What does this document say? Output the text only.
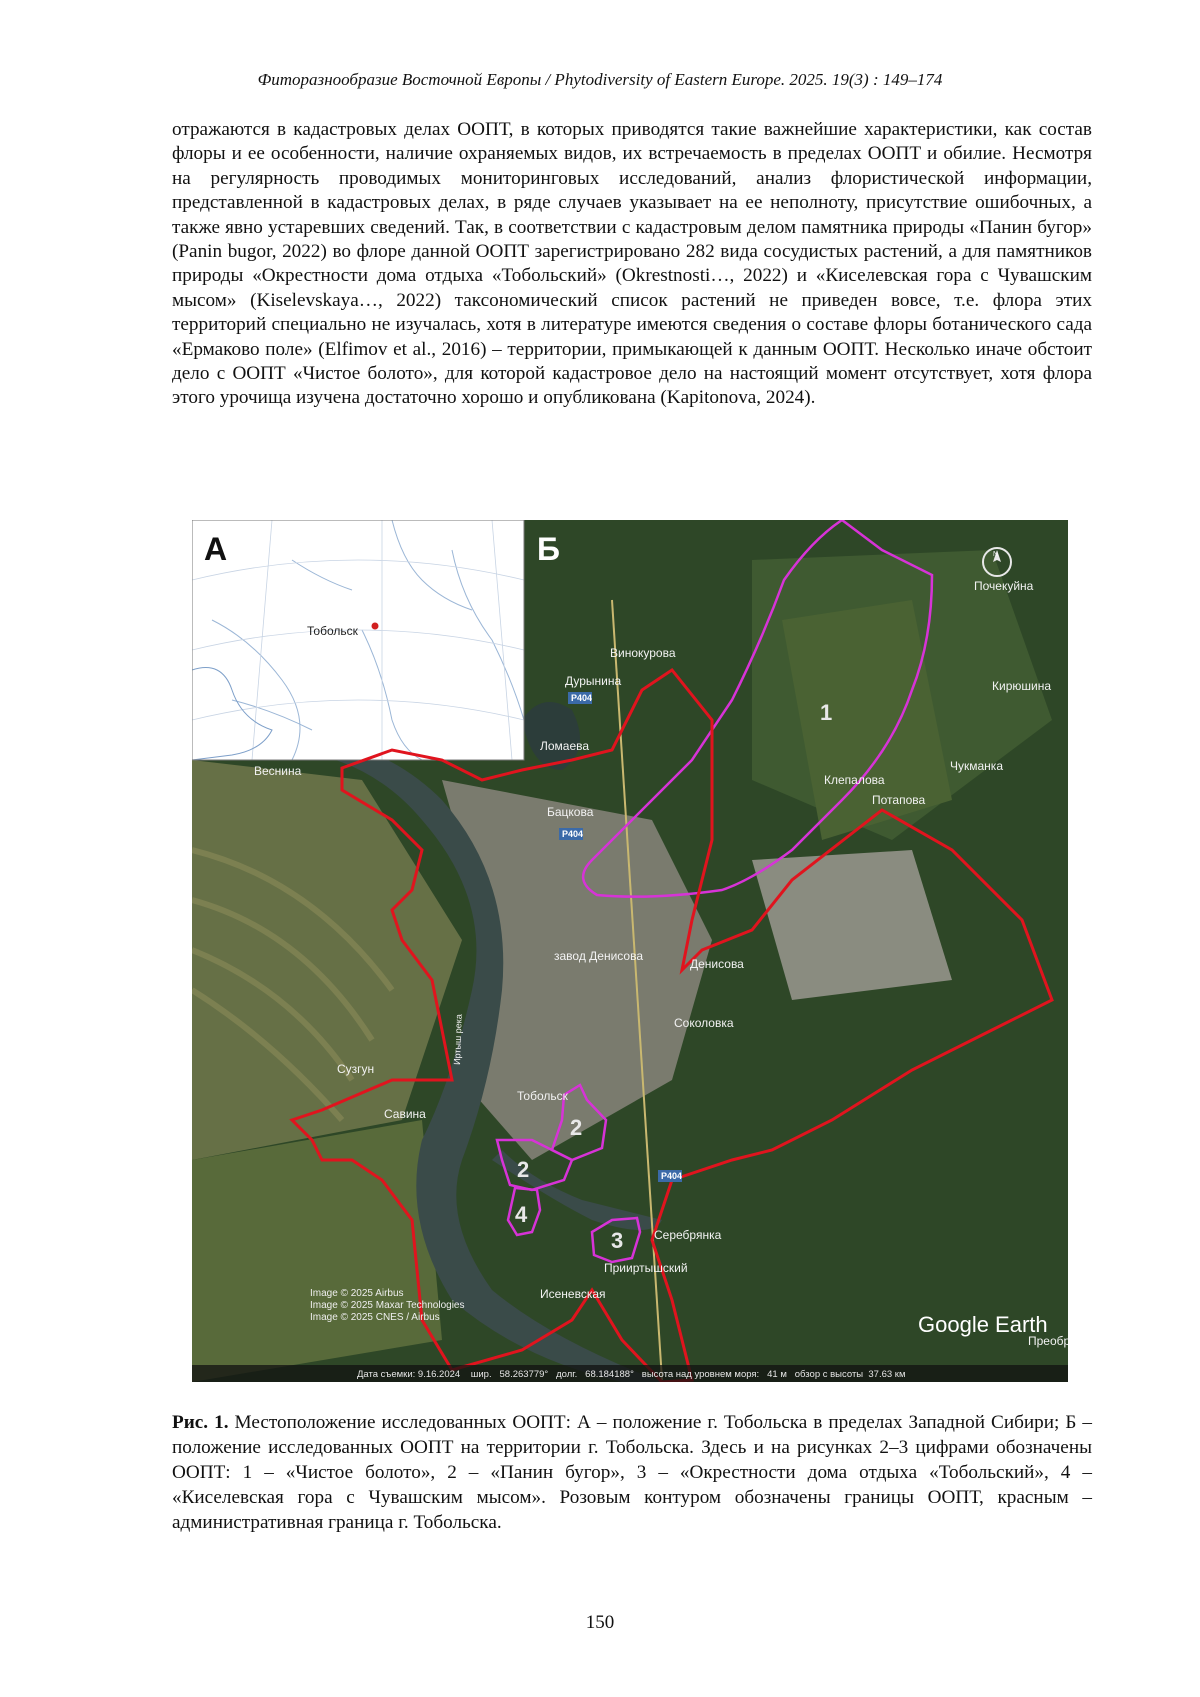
Фиторазнообразие Восточной Европы / Phytodiversity of Eastern Europe. 2025. 19(3) : 149–174

отражаются в кадастровых делах ООПТ, в которых приводятся такие важнейшие характеристики, как состав флоры и ее особенности, наличие охраняемых видов, их встречаемость в пределах ООПТ и обилие. Несмотря на регулярность проводимых мониторинговых исследований, анализ флористической информации, представленной в кадастровых делах, в ряде случаев указывает на ее неполноту, присутствие ошибочных, а также явно устаревших сведений. Так, в соответствии с кадастровым делом памятника природы «Панин бугор» (Panin bugor, 2022) во флоре данной ООПТ зарегистрировано 282 вида сосудистых растений, а для памятников природы «Окрестности дома отдыха «Тобольский» (Okrestnosti…, 2022) и «Киселевская гора с Чувашским мысом» (Kiselevskaya…, 2022) таксономический список растений не приведен вовсе, т.е. флора этих территорий специально не изучалась, хотя в литературе имеются сведения о составе флоры ботанического сада «Ермаково поле» (Elfimov et al., 2016) – территории, примыкающей к данным ООПТ. Несколько иначе обстоит дело с ООПТ «Чистое болото», для которой кадастровое дело на настоящий момент отсутствует, хотя флора этого урочища изучена достаточно хорошо и опубликована (Kapitonova, 2024).

А
Тобольск
Б	N
1
2
2
3
4
Почекуйна
Винокурова
Дурынина	Кирюшина
Ломаева
Веснина	Чукманка
Клепалова
Потапова
Бацкова
завод Денисова
Денисова
Соколовка
Сузгун
Тобольск
Савина
Серебрянка
Прииртышский
Исеневская
Преобр
Иртыш река
Р404
Р404
Р404
Image © 2025 Airbus
Image © 2025 Maxar Technologies
Image © 2025 CNES / Airbus	Google Earth
Дата съемки: 9.16.2024    шир.   58.263779°   долг.   68.184188°   высота над уровнем моря:   41 м   обзор с высоты  37.63 км

Рис. 1. Местоположение исследованных ООПТ: А – положение г. Тобольска в пределах Западной Сибири; Б – положение исследованных ООПТ на территории г. Тобольска. Здесь и на рисунках 2–3 цифрами обозначены ООПТ: 1 – «Чистое болото», 2 – «Панин бугор», 3 – «Окрестности дома отдыха «Тобольский», 4 – «Киселевская гора с Чувашским мысом». Розовым контуром обозначены границы ООПТ, красным – административная граница г. Тобольска.

150
